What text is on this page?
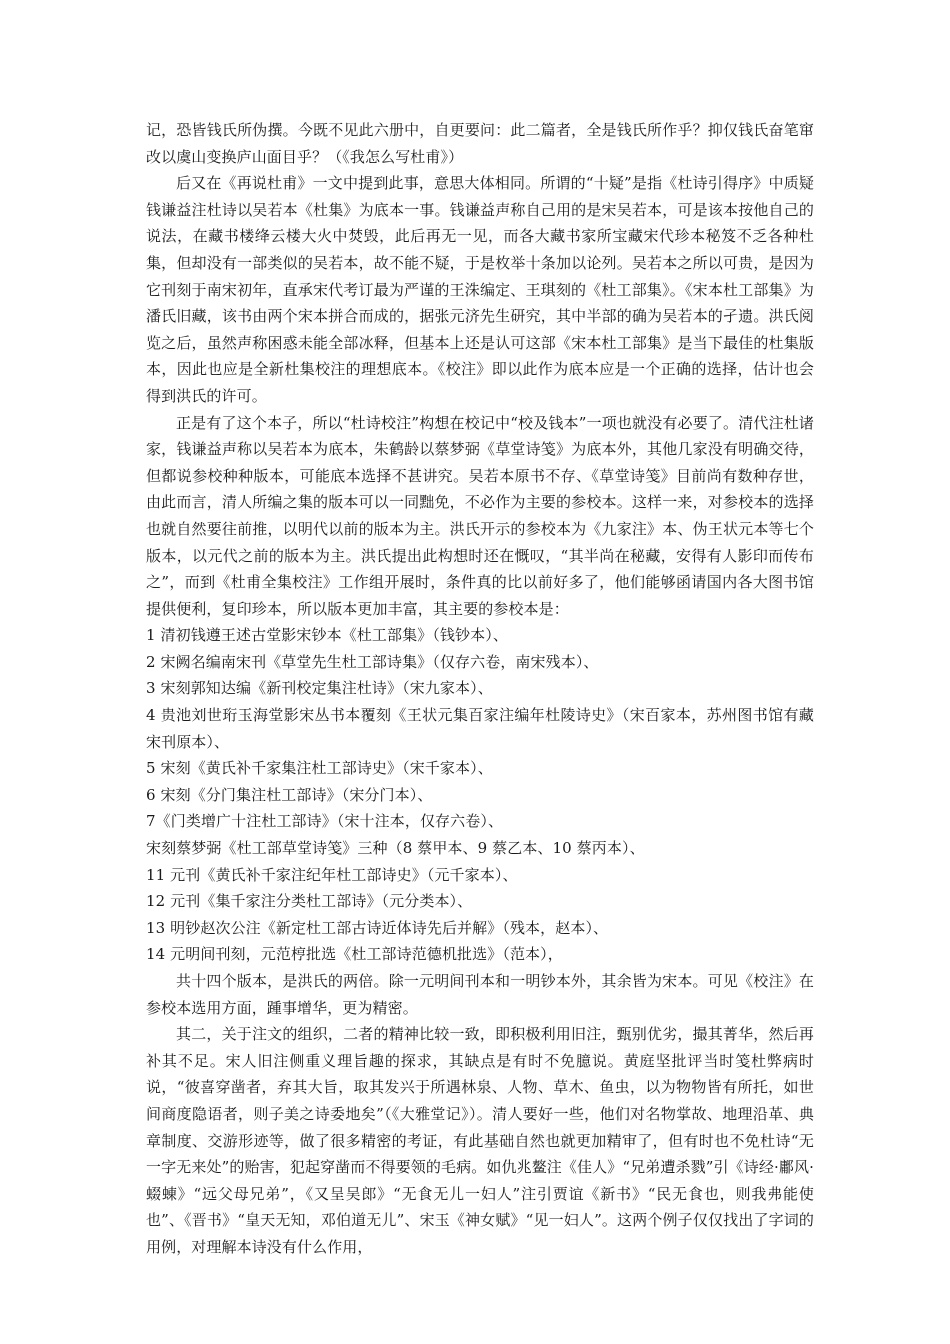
记，恐皆钱氏所伪撰。今既不见此六册中，自更要问：此二篇者，全是钱氏所作乎？抑仅钱氏奋笔窜改以虞山变换庐山面目乎？（《我怎么写杜甫》）

后又在《再说杜甫》一文中提到此事，意思大体相同。所谓的“十疑”是指《杜诗引得序》中质疑钱谦益注杜诗以吴若本《杜集》为底本一事。钱谦益声称自己用的是宋吴若本，可是该本按他自己的说法，在藏书楼绛云楼大火中焚毁，此后再无一见，而各大藏书家所宝藏宋代珍本秘笈不乏各种杜集，但却没有一部类似的吴若本，故不能不疑，于是枚举十条加以论列。吴若本之所以可贵，是因为它刊刻于南宋初年，直承宋代考订最为严谨的王洙编定、王琪刻的《杜工部集》。《宋本杜工部集》为潘氏旧藏，该书由两个宋本拼合而成的，据张元济先生研究，其中半部的确为吴若本的孑遗。洪氏阅览之后，虽然声称困惑未能全部冰释，但基本上还是认可这部《宋本杜工部集》是当下最佳的杜集版本，因此也应是全新杜集校注的理想底本。《校注》即以此作为底本应是一个正确的选择，估计也会得到洪氏的许可。

正是有了这个本子，所以“杜诗校注”构想在校记中“校及钱本”一项也就没有必要了。清代注杜诸家，钱谦益声称以吴若本为底本，朱鹤龄以蔡梦弼《草堂诗笺》为底本外，其他几家没有明确交待，但都说参校种种版本，可能底本选择不甚讲究。吴若本原书不存、《草堂诗笺》目前尚有数种存世，由此而言，清人所编之集的版本可以一同黜免，不必作为主要的参校本。这样一来，对参校本的选择也就自然要往前推，以明代以前的版本为主。洪氏开示的参校本为《九家注》本、伪王状元本等七个版本，以元代之前的版本为主。洪氏提出此构想时还在慨叹，“其半尚在秘藏，安得有人影印而传布之”，而到《杜甫全集校注》工作组开展时，条件真的比以前好多了，他们能够函请国内各大图书馆提供便利，复印珍本，所以版本更加丰富，其主要的参校本是：

1 清初钱遵王述古堂影宋钞本《杜工部集》（钱钞本）、

2 宋阙名编南宋刊《草堂先生杜工部诗集》（仅存六卷，南宋残本）、

3 宋刻郭知达编《新刊校定集注杜诗》（宋九家本）、

4 贵池刘世珩玉海堂影宋丛书本覆刻《王状元集百家注编年杜陵诗史》（宋百家本，苏州图书馆有藏宋刊原本）、

5 宋刻《黄氏补千家集注杜工部诗史》（宋千家本）、

6 宋刻《分门集注杜工部诗》（宋分门本）、

7《门类增广十注杜工部诗》（宋十注本，仅存六卷）、

宋刻蔡梦弼《杜工部草堂诗笺》三种（8 蔡甲本、9 蔡乙本、10 蔡丙本）、

11 元刊《黄氏补千家注纪年杜工部诗史》（元千家本）、

12 元刊《集千家注分类杜工部诗》（元分类本）、

13 明钞赵次公注《新定杜工部古诗近体诗先后并解》（残本，赵本）、

14 元明间刊刻，元范梈批选《杜工部诗范德机批选》（范本），

共十四个版本，是洪氏的两倍。除一元明间刊本和一明钞本外，其余皆为宋本。可见《校注》在参校本选用方面，踵事增华，更为精密。

其二，关于注文的组织，二者的精神比较一致，即积极利用旧注，甄别优劣，撮其菁华，然后再补其不足。宋人旧注侧重义理旨趣的探求，其缺点是有时不免臆说。黄庭坚批评当时笺杜弊病时说，“彼喜穿凿者，弃其大旨，取其发兴于所遇林泉、人物、草木、鱼虫，以为物物皆有所托，如世间商度隐语者，则子美之诗委地矣”（《大雅堂记》）。清人要好一些，他们对名物掌故、地理沿革、典章制度、交游形迹等，做了很多精密的考证，有此基础自然也就更加精审了，但有时也不免杜诗“无一字无来处”的贻害，犯起穿凿而不得要领的毛病。如仇兆鳌注《佳人》“兄弟遭杀戮”引《诗经·鄘风·蝃蝀》“远父母兄弟”，《又呈吴郎》“无食无儿一妇人”注引贾谊《新书》“民无食也，则我弗能使也”、《晋书》“皇天无知，邓伯道无儿”、宋玉《神女赋》“见一妇人”。这两个例子仅仅找出了字词的用例，对理解本诗没有什么作用，
